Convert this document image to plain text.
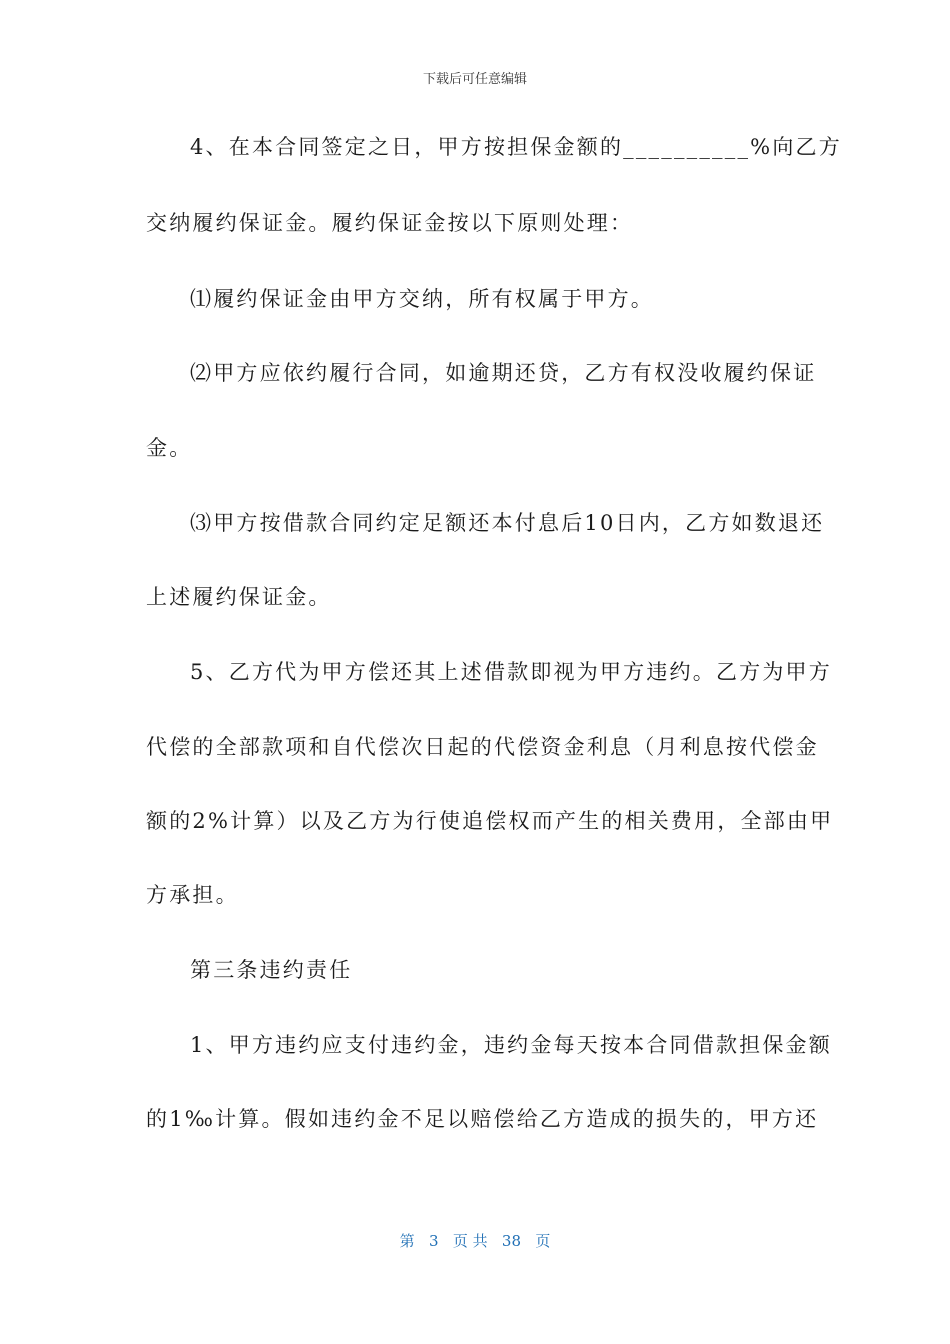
下载后可任意编辑
4、在本合同签定之日，甲方按担保金额的__________%向乙方
交纳履约保证金。履约保证金按以下原则处理：
⑴履约保证金由甲方交纳，所有权属于甲方。
⑵甲方应依约履行合同，如逾期还贷，乙方有权没收履约保证
金。
⑶甲方按借款合同约定足额还本付息后10日内，乙方如数退还
上述履约保证金。
5、乙方代为甲方偿还其上述借款即视为甲方违约。乙方为甲方
代偿的全部款项和自代偿次日起的代偿资金利息（月利息按代偿金
额的2%计算）以及乙方为行使追偿权而产生的相关费用，全部由甲
方承担。
第三条违约责任
1、甲方违约应支付违约金，违约金每天按本合同借款担保金额
的1‰计算。假如违约金不足以赔偿给乙方造成的损失的，甲方还
第 3 页 共 38 页
